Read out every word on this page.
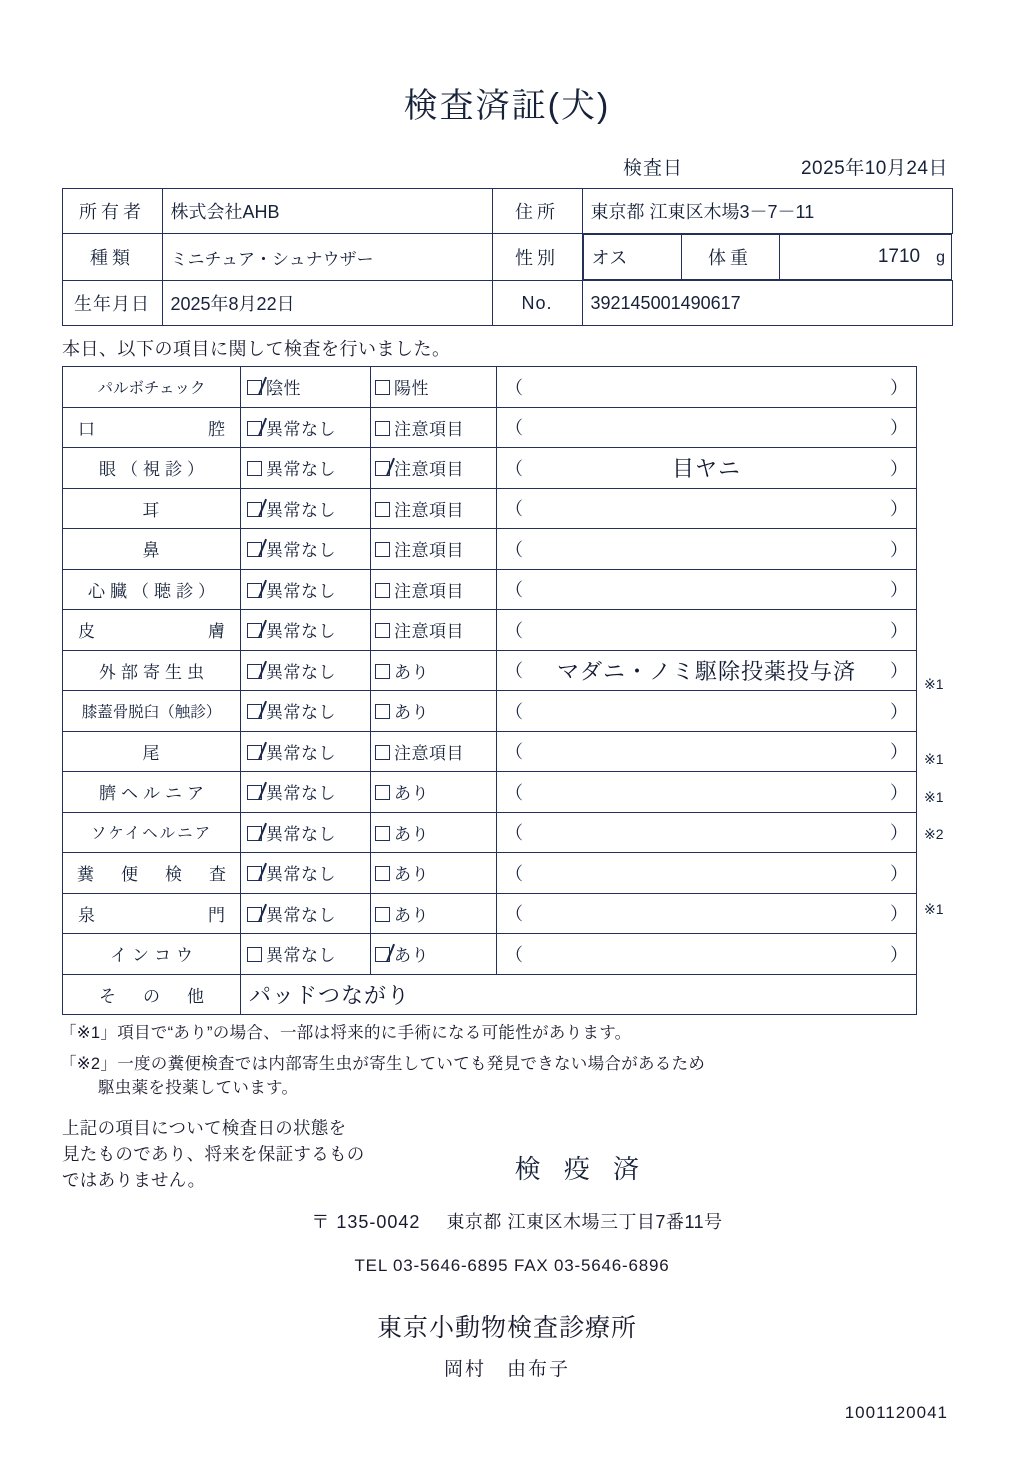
検査済証(犬)
検査日	2025年10月24日
所有者	株式会社AHB	住所	東京都 江東区木場3－7－11
種類	ミニチュア・シュナウザー	性別	オス	体重	1710 g

生年月日	2025年8月22日	No.	392145001490617
本日、以下の項目に関して検査を行いました。
パルボチェック	陰性	陽性	（ ）

口　　　　腔	異常なし	注意項目	（ ）

眼（視診）	異常なし	注意項目	（ 目ヤニ ）

耳	異常なし	注意項目	（ ）

鼻	異常なし	注意項目	（ ）

心臓（聴診）	異常なし	注意項目	（ ）

皮　　　　膚	異常なし	注意項目	（ ）

外部寄生虫	異常なし	あり	（ マダニ・ノミ駆除投薬投与済 ）

膝蓋骨脱臼（触診）	異常なし	あり	（ ）

尾	異常なし	注意項目	（ ）

臍ヘルニア	異常なし	あり	（ ）

ソケイヘルニア	異常なし	あり	（ ）

糞　便　検　査	異常なし	あり	（ ）

泉　　　　門	異常なし	あり	（ ）

インコウ	異常なし	あり	（ ）

そ　の　他	パッドつながり		
※1
※1
※1
※2
※1
「※1」項目で“あり”の場合、一部は将来的に手術になる可能性があります。
「※2」一度の糞便検査では内部寄生虫が寄生していても発見できない場合があるため
駆虫薬を投薬しています。
上記の項目について検査日の状態を
見たものであり、将来を保証するもの
ではありません。	検 疫 済
〒 135-0042 東京都 江東区木場三丁目7番11号
TEL 03-5646-6895 FAX 03-5646-6896
東京小動物検査診療所
岡村　由布子
1001120041
